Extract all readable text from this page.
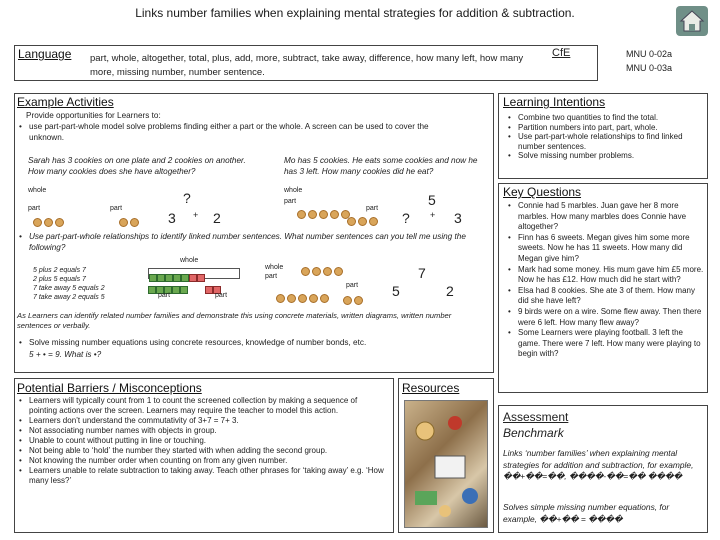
Links number families when explaining mental strategies for addition & subtraction.
Language part, whole, altogether, total, plus, add, more, subtract, take away, difference, how many left, how many more, missing number, number sentence.
CfE	MNU 0-02a
MNU 0-03a
Example Activities
Provide opportunities for Learners to:
• use part-part-whole model solve problems finding either a part or the whole. A screen can be used to cover the unknown.
Sarah has 3 cookies on one plate and 2 cookies on another. How many cookies does she have altogether?
Mo has 5 cookies. He eats some cookies and now he has 3 left. How many cookies did he eat?
whole
part	part
?
3 + 2
whole
part
part
5
? + 3
• Use part-part-whole relationships to identify linked number sentences. What number sentences can you tell me using the following?
5 plus 2 equals 7
2 plus 5 equals 7
7 take away 5 equals 2
7 take away 2 equals 5
whole
part	part
whole
part
part
7
5	2
As Learners can identify related number families and demonstrate this using concrete materials, written diagrams, written number sentences or verbally.
• Solve missing number equations using concrete resources, knowledge of number bonds, etc.
5 + • = 9. What is •?
Learning Intentions
• Combine two quantities to find the total.
• Partition numbers into part, part, whole.
• Use part-part-whole relationships to find linked number sentences.
• Solve missing number problems.
Key Questions
• Connie had 5 marbles. Juan gave her 8 more marbles. How many marbles does Connie have altogether?
• Finn has 6 sweets. Megan gives him some more sweets. Now he has 11 sweets. How many did Megan give him?
• Mark had some money. His mum gave him £5 more. Now he has £12. How much did he start with?
• Elsa had 8 cookies. She ate 3 of them. How many did she have left?
• 9 birds were on a wire. Some flew away. Then there were 6 left. How many flew away?
• Some Learners were playing football. 3 left the game. There were 7 left. How many were playing to begin with?
Potential Barriers / Misconceptions
• Learners will typically count from 1 to count the screened collection by making a sequence of pointing actions over the screen. Learners may require the teacher to model this action.
• Learners don’t understand the commutativity of 3+7 = 7+ 3.
• Not associating number names with objects in group.
• Unable to count without putting in line or touching.
• Not being able to ‘hold’ the number they started with when adding the second group.
• Not knowing the number order when counting on from any given number.
• Learners unable to relate subtraction to taking away. Teach other phrases for ‘taking away’ e.g. ‘How many less?’
Resources
Assessment
Benchmark
Links ‘number families’ when explaining mental strategies for addition and subtraction, for example, ��+��=��, ����-��=�� ����
Solves simple missing number equations, for example, ��+�� = ����
